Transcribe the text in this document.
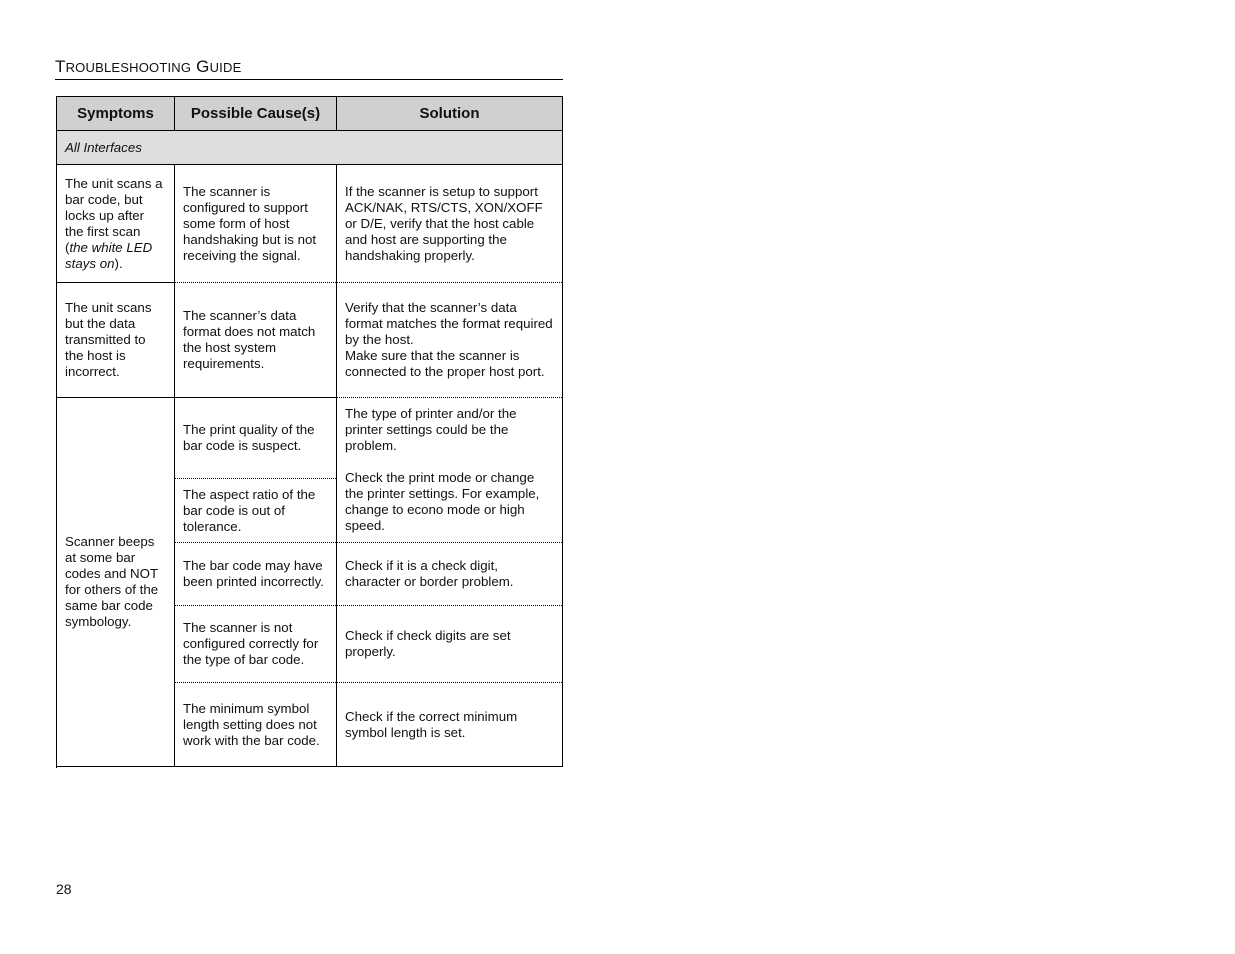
TROUBLESHOOTING GUIDE
Symptoms	Possible Cause(s)	Solution
All Interfaces		
The unit scans a bar code, but locks up after the first scan (the white LED stays on).	The scanner is configured to support some form of host handshaking but is not receiving the signal.	If the scanner is setup to support ACK/NAK, RTS/CTS, XON/XOFF or D/E, verify that the host cable and host are supporting the handshaking properly.
The unit scans but the data transmitted to the host is incorrect.	The scanner’s data format does not match the host system requirements.	Verify that the scanner’s data format matches the format required by the host.
Make sure that the scanner is connected to the proper host port.

Scanner beeps at some bar codes and NOT for others of the same bar code symbology.	The print quality of the bar code is suspect.	The type of printer and/or the printer settings could be the problem.
Check the print mode or change the printer settings. For example, change to econo mode or high speed.

	The aspect ratio of the bar code is out of tolerance.	
	The bar code may have been printed incorrectly.	Check if it is a check digit, character or border problem.
	The scanner is not configured correctly for the type of bar code.	Check if check digits are set properly.
	The minimum symbol length setting does not work with the bar code.	Check if the correct minimum symbol length is set.

28
